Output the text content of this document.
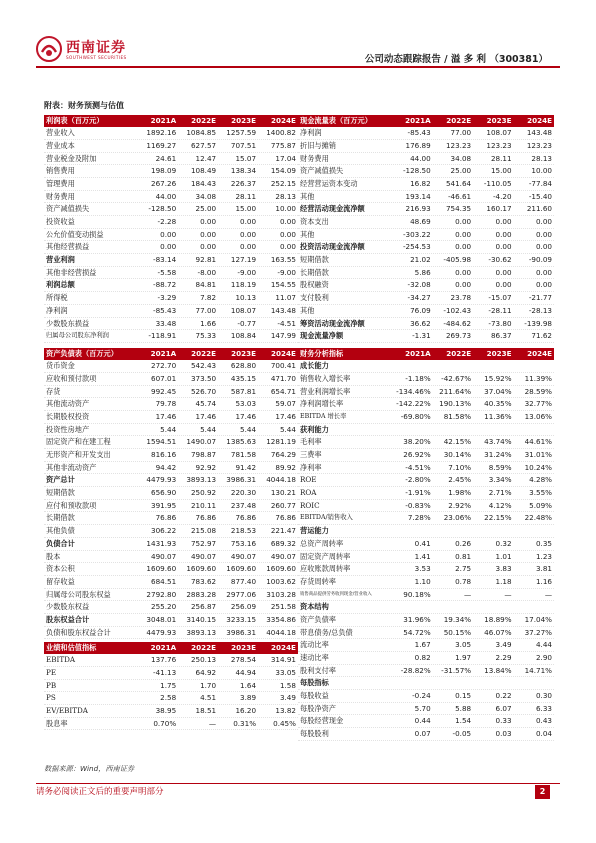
西南证券
SOUTHWEST SECURITIES	公司动态跟踪报告 / 溢 多 利 （300381）
附表：财务预测与估值
利润表（百万元）	2021A	2022E	2023E	2024E
营业收入	1892.16	1084.85	1257.59	1400.82
营业成本	1169.27	627.57	707.51	775.87
营业税金及附加	24.61	12.47	15.07	17.04
销售费用	198.09	108.49	138.34	154.09
管理费用	267.26	184.43	226.37	252.15
财务费用	44.00	34.08	28.11	28.13
资产减值损失	-128.50	25.00	15.00	10.00
投资收益	-2.28	0.00	0.00	0.00
公允价值变动损益	0.00	0.00	0.00	0.00
其他经营损益	0.00	0.00	0.00	0.00
营业利润	-83.14	92.81	127.19	163.55
其他非经营损益	-5.58	-8.00	-9.00	-9.00
利润总额	-88.72	84.81	118.19	154.55
所得税	-3.29	7.82	10.13	11.07
净利润	-85.43	77.00	108.07	143.48
少数股东损益	33.48	1.66	-0.77	-4.51
归属母公司股东净利润	-118.91	75.33	108.84	147.99
现金流量表（百万元）	2021A	2022E	2023E	2024E
净利润	-85.43	77.00	108.07	143.48
折旧与摊销	176.89	123.23	123.23	123.23
财务费用	44.00	34.08	28.11	28.13
资产减值损失	-128.50	25.00	15.00	10.00
经营营运资本变动	16.82	541.64	-110.05	-77.84
其他	193.14	-46.61	-4.20	-15.40
经营活动现金流净额	216.93	754.35	160.17	211.60
资本支出	48.69	0.00	0.00	0.00
其他	-303.22	0.00	0.00	0.00
投资活动现金流净额	-254.53	0.00	0.00	0.00
短期借款	21.02	-405.98	-30.62	-90.09
长期借款	5.86	0.00	0.00	0.00
股权融资	-32.08	0.00	0.00	0.00
支付股利	-34.27	23.78	-15.07	-21.77
其他	76.09	-102.43	-28.11	-28.13
筹资活动现金流净额	36.62	-484.62	-73.80	-139.98
现金流量净额	-1.31	269.73	86.37	71.62
资产负债表（百万元）	2021A	2022E	2023E	2024E
货币资金	272.70	542.43	628.80	700.41
应收和预付款项	607.01	373.50	435.15	471.70
存货	992.45	526.70	587.81	654.71
其他流动资产	79.78	45.74	53.03	59.07
长期股权投资	17.46	17.46	17.46	17.46
投资性房地产	5.44	5.44	5.44	5.44
固定资产和在建工程	1594.51	1490.07	1385.63	1281.19
无形资产和开发支出	816.16	798.87	781.58	764.29
其他非流动资产	94.42	92.92	91.42	89.92
资产总计	4479.93	3893.13	3986.31	4044.18
短期借款	656.90	250.92	220.30	130.21
应付和预收款项	391.95	210.11	237.48	260.77
长期借款	76.86	76.86	76.86	76.86
其他负债	306.22	215.08	218.53	221.47
负债合计	1431.93	752.97	753.16	689.32
股本	490.07	490.07	490.07	490.07
资本公积	1609.60	1609.60	1609.60	1609.60
留存收益	684.51	783.62	877.40	1003.62
归属母公司股东权益	2792.80	2883.28	2977.06	3103.28
少数股东权益	255.20	256.87	256.09	251.58
股东权益合计	3048.01	3140.15	3233.15	3354.86
负债和股东权益合计	4479.93	3893.13	3986.31	4044.18
财务分析指标	2021A	2022E	2023E	2024E
成长能力
销售收入增长率	-1.18%	-42.67%	15.92%	11.39%
营业利润增长率	-134.46%	211.64%	37.04%	28.59%
净利润增长率	-142.22%	190.13%	40.35%	32.77%
EBITDA 增长率	-69.80%	81.58%	11.36%	13.06%
获利能力
毛利率	38.20%	42.15%	43.74%	44.61%
三费率	26.92%	30.14%	31.24%	31.01%
净利率	-4.51%	7.10%	8.59%	10.24%
ROE	-2.80%	2.45%	3.34%	4.28%
ROA	-1.91%	1.98%	2.71%	3.55%
ROIC	-0.83%	2.92%	4.12%	5.09%
EBITDA/销售收入	7.28%	23.06%	22.15%	22.48%
营运能力
总资产周转率	0.41	0.26	0.32	0.35
固定资产周转率	1.41	0.81	1.01	1.23
应收账款周转率	3.53	2.75	3.83	3.81
存货周转率	1.10	0.78	1.18	1.16
销售商品提供劳务收到现金/营业收入	90.18%	—	—	—
资本结构
资产负债率	31.96%	19.34%	18.89%	17.04%
带息债务/总负债	54.72%	50.15%	46.07%	37.27%
流动比率	1.67	3.05	3.49	4.44
速动比率	0.82	1.97	2.29	2.90
股利支付率	-28.82%	-31.57%	13.84%	14.71%
每股指标
每股收益	-0.24	0.15	0.22	0.30
每股净资产	5.70	5.88	6.07	6.33
每股经营现金	0.44	1.54	0.33	0.43
每股股利	0.07	-0.05	0.03	0.04
业绩和估值指标	2021A	2022E	2023E	2024E
EBITDA	137.76	250.13	278.54	314.91
PE	-41.13	64.92	44.94	33.05
PB	1.75	1.70	1.64	1.58
PS	2.58	4.51	3.89	3.49
EV/EBITDA	38.95	18.51	16.20	13.82
股息率	0.70%	—	0.31%	0.45%
数据来源：Wind，西南证券
请务必阅读正文后的重要声明部分	2
